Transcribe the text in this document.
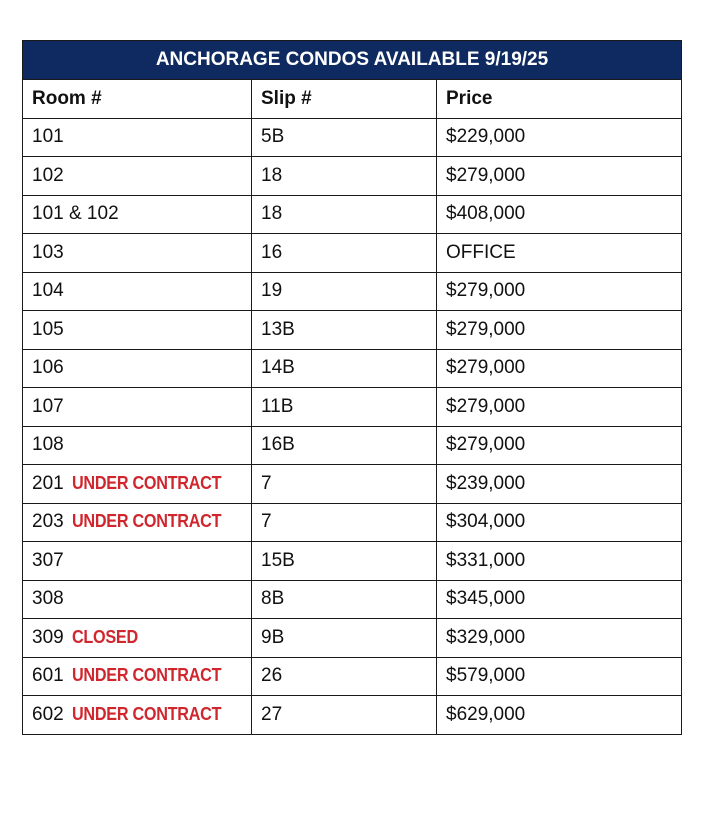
ANCHORAGE CONDOS AVAILABLE 9/19/25		
Room #	Slip #	Price
101	5B	$229,000
102	18	$279,000
101 & 102	18	$408,000
103	16	OFFICE
104	19	$279,000
105	13B	$279,000
106	14B	$279,000
107	11B	$279,000
108	16B	$279,000
201 UNDER CONTRACT	7	$239,000
203 UNDER CONTRACT	7	$304,000
307	15B	$331,000
308	8B	$345,000
309 CLOSED	9B	$329,000
601 UNDER CONTRACT	26	$579,000
602 UNDER CONTRACT	27	$629,000
